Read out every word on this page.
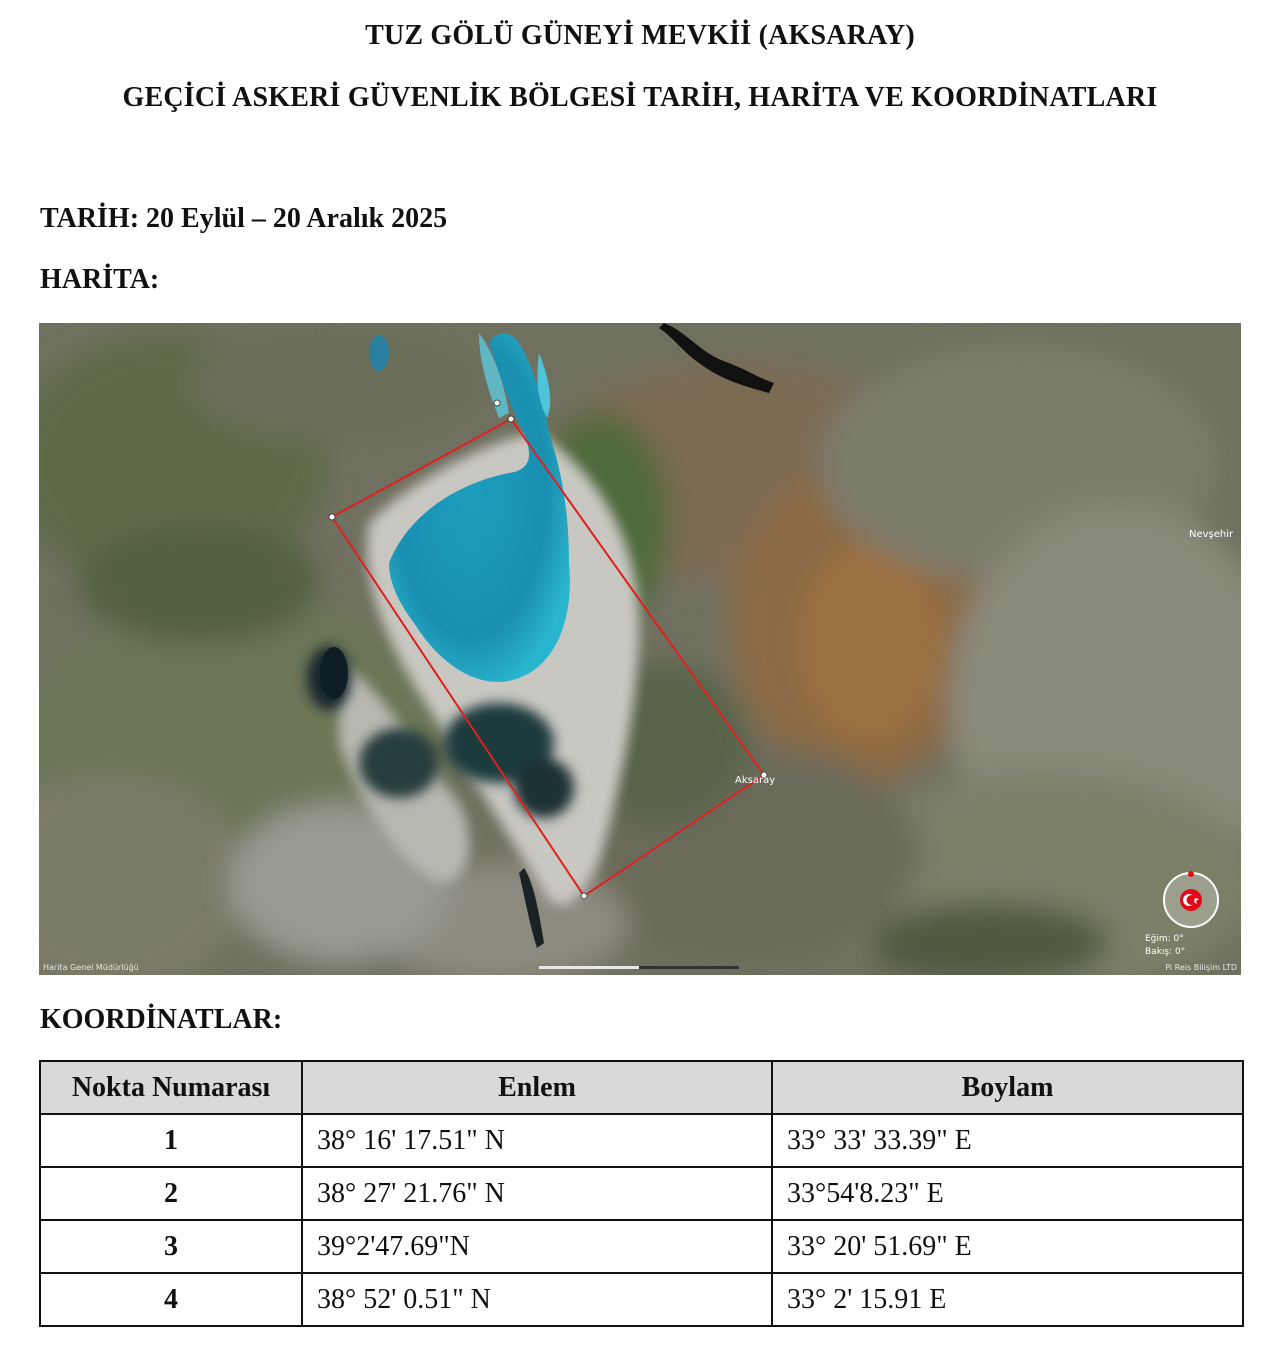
TUZ GÖLÜ GÜNEYİ MEVKİİ (AKSARAY)
GEÇİCİ ASKERİ GÜVENLİK BÖLGESİ TARİH, HARİTA VE KOORDİNATLARI
TARİH: 20 Eylül – 20 Aralık 2025
HARİTA:
Nevşehir
Aksaray
Eğim: 0°
Bakış: 0°
Harita Genel Müdürlüğü	Pi Reis Bilişim LTD
KOORDİNATLAR:
Nokta Numarası	Enlem	Boylam
1	38° 16' 17.51" N	33° 33' 33.39" E
2	38° 27' 21.76" N	33°54'8.23" E
3	39°2'47.69"N	33° 20' 51.69" E
4	38° 52' 0.51" N	33° 2' 15.91 E
